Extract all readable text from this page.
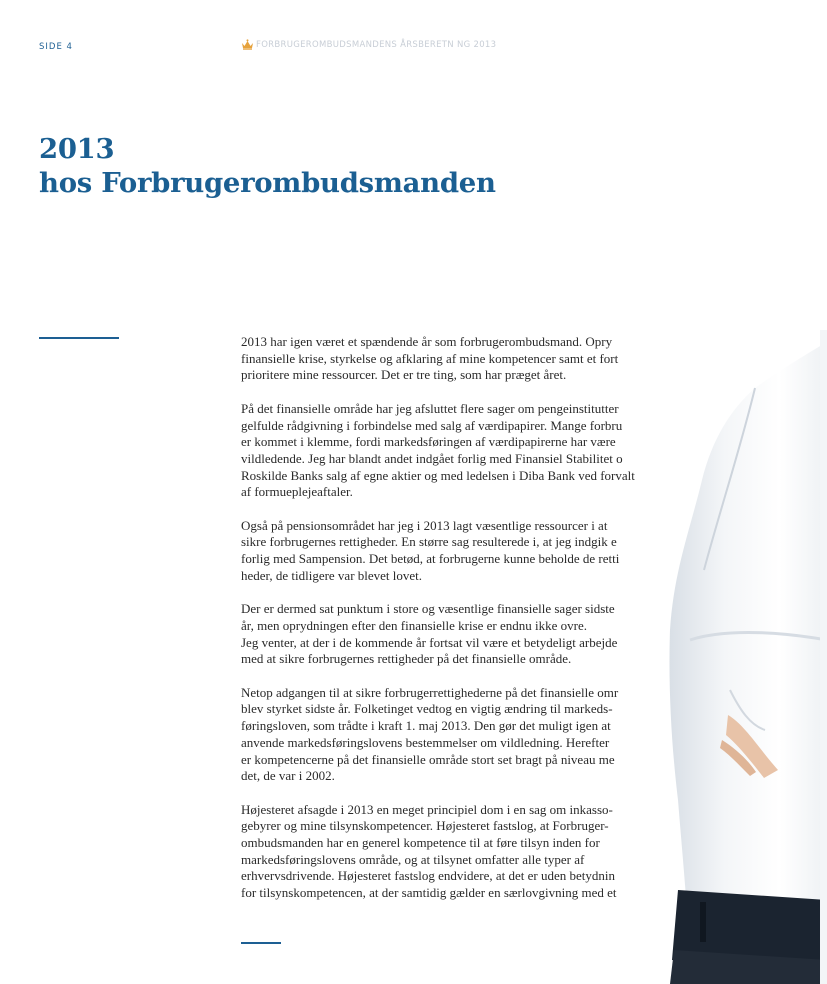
SIDE 4	FORBRUGEROMBUDSMANDENS ÅRSBERETN NG 2013
2013
hos Forbrugerombudsmanden

2013 har igen været et spændende år som forbrugerombudsmand. Opry
finansielle krise, styrkelse og afklaring af mine kompetencer samt et fort
prioritere mine ressourcer. Det er tre ting, som har præget året.

På det finansielle område har jeg afsluttet flere sager om pengeinstitutter
gelfulde rådgivning i forbindelse med salg af værdipapirer. Mange forbru
er kommet i klemme, fordi markedsføringen af værdipapirerne har være
vildledende. Jeg har blandt andet indgået forlig med Finansiel Stabilitet o
Roskilde Banks salg af egne aktier og med ledelsen i Diba Bank ved forvalt
af formueplejeaftaler.

Også på pensionsområdet har jeg i 2013 lagt væsentlige ressourcer i at
sikre forbrugernes rettigheder. En større sag resulterede i, at jeg indgik e
forlig med Sampension. Det betød, at forbrugerne kunne beholde de retti
heder, de tidligere var blevet lovet.

Der er dermed sat punktum i store og væsentlige finansielle sager sidste
år, men oprydningen efter den finansielle krise er endnu ikke ovre.
Jeg venter, at der i de kommende år fortsat vil være et betydeligt arbejde
med at sikre forbrugernes rettigheder på det finansielle område.

Netop adgangen til at sikre forbrugerrettighederne på det finansielle omr
blev styrket sidste år. Folketinget vedtog en vigtig ændring til markeds-
føringsloven, som trådte i kraft 1. maj 2013. Den gør det muligt igen at
anvende markedsføringslovens bestemmelser om vildledning. Herefter
er kompetencerne på det finansielle område stort set bragt på niveau me
det, de var i 2002.

Højesteret afsagde i 2013 en meget principiel dom i en sag om inkasso-
gebyrer og mine tilsynskompetencer. Højesteret fastslog, at Forbruger-
ombudsmanden har en generel kompetence til at føre tilsyn inden for
markedsføringslovens område, og at tilsynet omfatter alle typer af
erhvervsdrivende. Højesteret fastslog endvidere, at det er uden betydnin
for tilsynskompetencen, at der samtidig gælder en særlovgivning med et
